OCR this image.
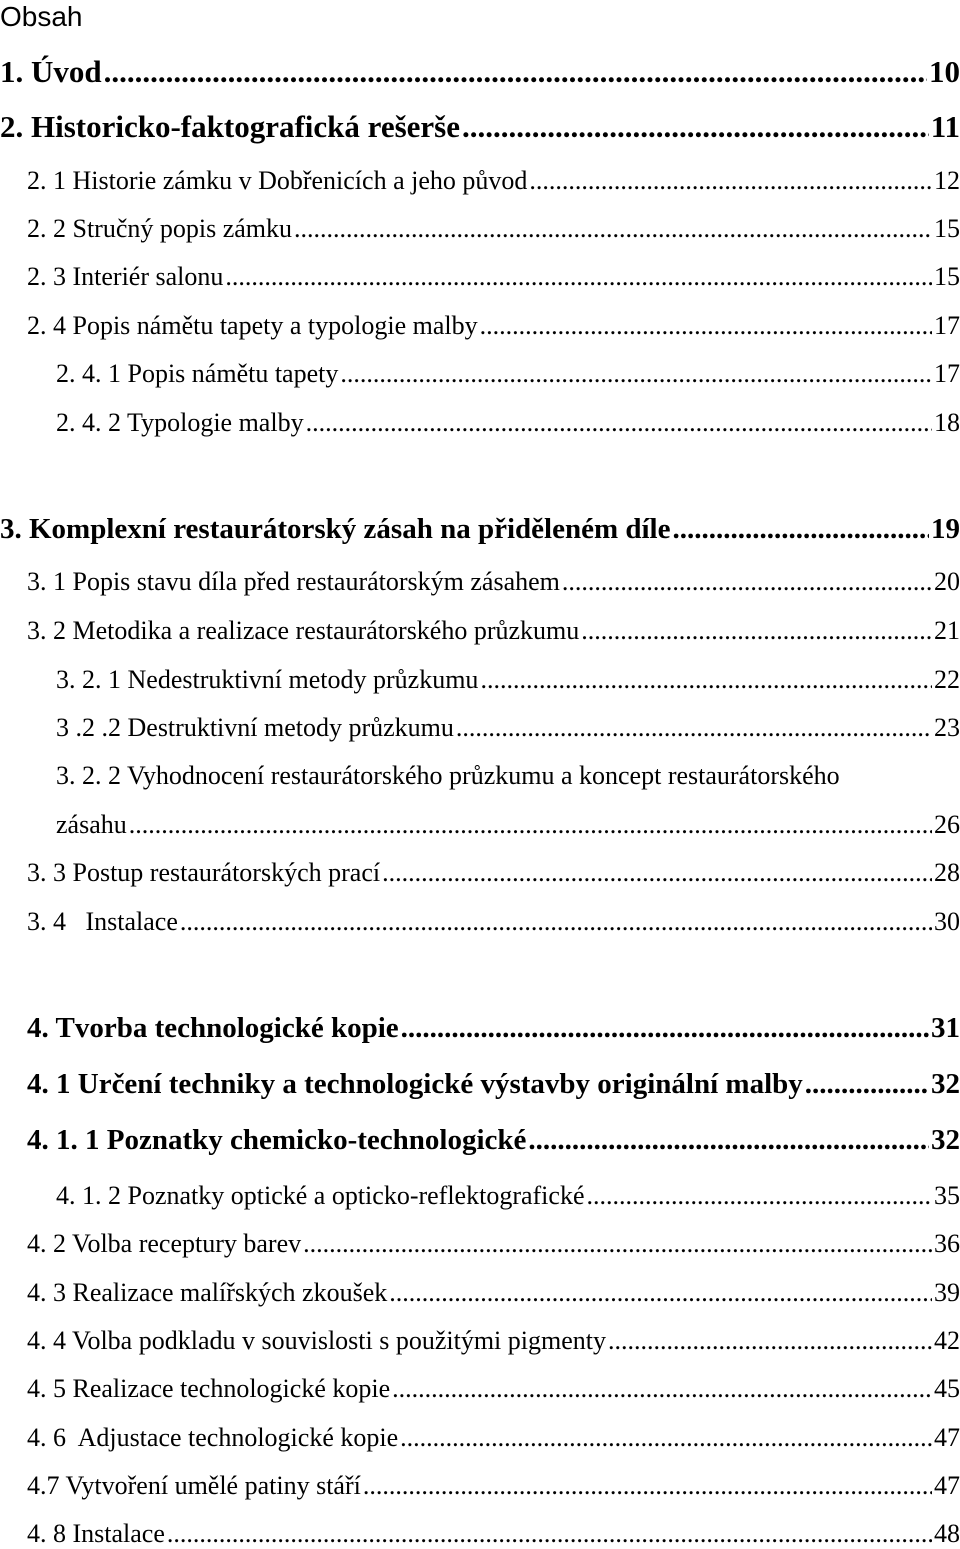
Obsah
1. Úvod .....	10
2. Historicko-faktografická rešerše .....	11
2. 1 Historie zámku v Dobřenicích a jeho původ .....	12
2. 2 Stručný popis zámku .....	15
2. 3 Interiér salonu .....	15
2. 4 Popis námětu tapety a typologie malby .....	17
2. 4. 1 Popis námětu tapety .....	17
2. 4. 2 Typologie malby .....	18
3. Komplexní restaurátorský zásah na přiděleném díle .....	19
3. 1 Popis stavu díla před restaurátorským zásahem .....	20
3. 2 Metodika a realizace restaurátorského průzkumu .....	21
3. 2. 1 Nedestruktivní metody průzkumu .....	22
3 .2 .2 Destruktivní metody průzkumu .....	23
3. 2. 2 Vyhodnocení restaurátorského průzkumu a koncept restaurátorského
zásahu .....	26
3. 3 Postup restaurátorských prací .....	28
3. 4   Instalace .....	30
4. Tvorba technologické kopie .....	31
4. 1 Určení techniky a technologické výstavby originální malby .....	32
4. 1. 1 Poznatky chemicko-technologické .....	32
4. 1. 2 Poznatky optické a opticko-reflektografické .....	35
4. 2 Volba receptury barev .....	36
4. 3 Realizace malířských zkoušek .....	39
4. 4 Volba podkladu v souvislosti s použitými pigmenty .....	42
4. 5 Realizace technologické kopie .....	45
4. 6  Adjustace technologické kopie .....	47
4.7 Vytvoření umělé patiny stáří .....	47
4. 8 Instalace .....	48
